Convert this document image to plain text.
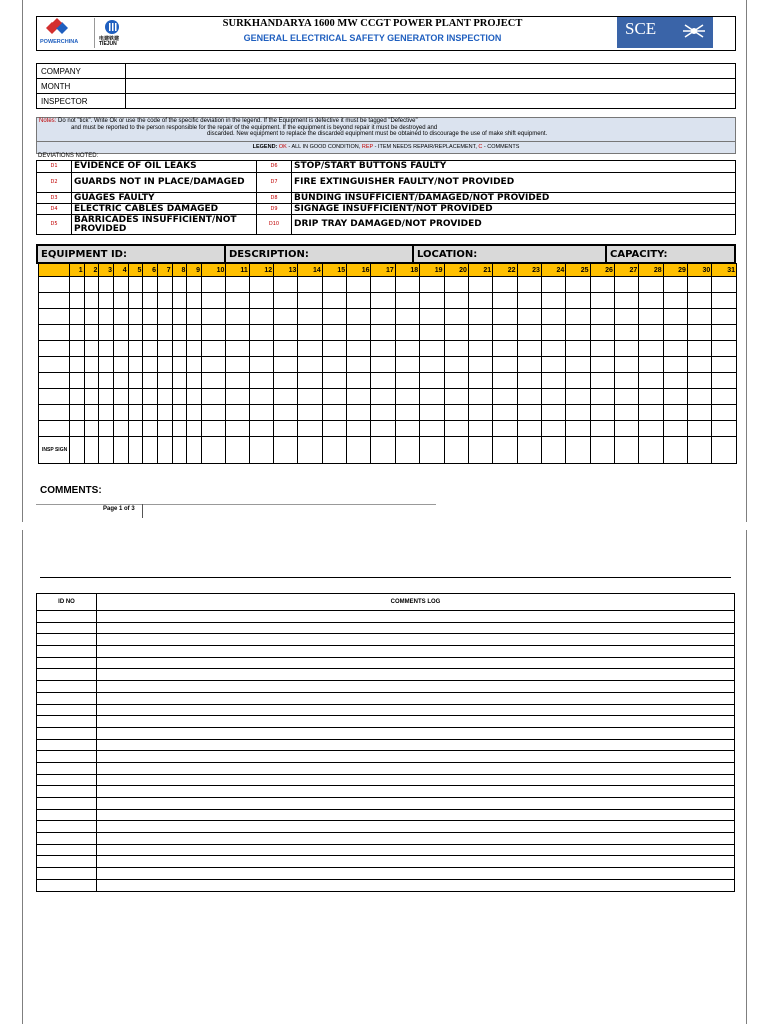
POWERCHINA	电建铁建
TIEJUN
SURKHANDARYA 1600 MW CCGT POWER PLANT PROJECT
GENERAL ELECTRICAL SAFETY GENERATOR INSPECTION	SCE
COMPANY	
MONTH	
INSPECTOR	
Notes: Do not "tick". Write Ok or use the code of the specific deviation in the legend. If the Equipment is defective it must be tagged "Defective"
and must be reported to the person responsible for the repair of the equipment. If the equipment is beyond repair it must be destroyed and
discarded. New equipment to replace the discarded equipment must be obtained to discourage the use of make shift equipment.
LEGEND: OK - ALL IN GOOD CONDITION, REP - ITEM NEEDS REPAIR/REPLACEMENT, C - COMMENTS
DEVIATIONS NOTED:
D1	EVIDENCE OF OIL LEAKS	D6	STOP/START BUTTONS FAULTY
D2	GUARDS NOT IN PLACE/DAMAGED	D7	FIRE EXTINGUISHER FAULTY/NOT PROVIDED
D3	GUAGES FAULTY	D8	BUNDING INSUFFICIENT/DAMAGED/NOT PROVIDED
D4	ELECTRIC CABLES DAMAGED	D9	SIGNAGE INSUFFICIENT/NOT PROVIDED
D5	BARRICADES INSUFFICIENT/NOT PROVIDED	D10	DRIP TRAY DAMAGED/NOT PROVIDED
EQUIPMENT ID:	DESCRIPTION:	LOCATION:	CAPACITY:
	1	2	3	4	5	6	7	8	9	10	11	12	13	14	15	16	17	18	19	20	21	22	23	24	25	26	27	28	29	30	31

INSP SIGN																															
COMMENTS:
Page 1 of 3
ID NO	COMMENTS LOG
